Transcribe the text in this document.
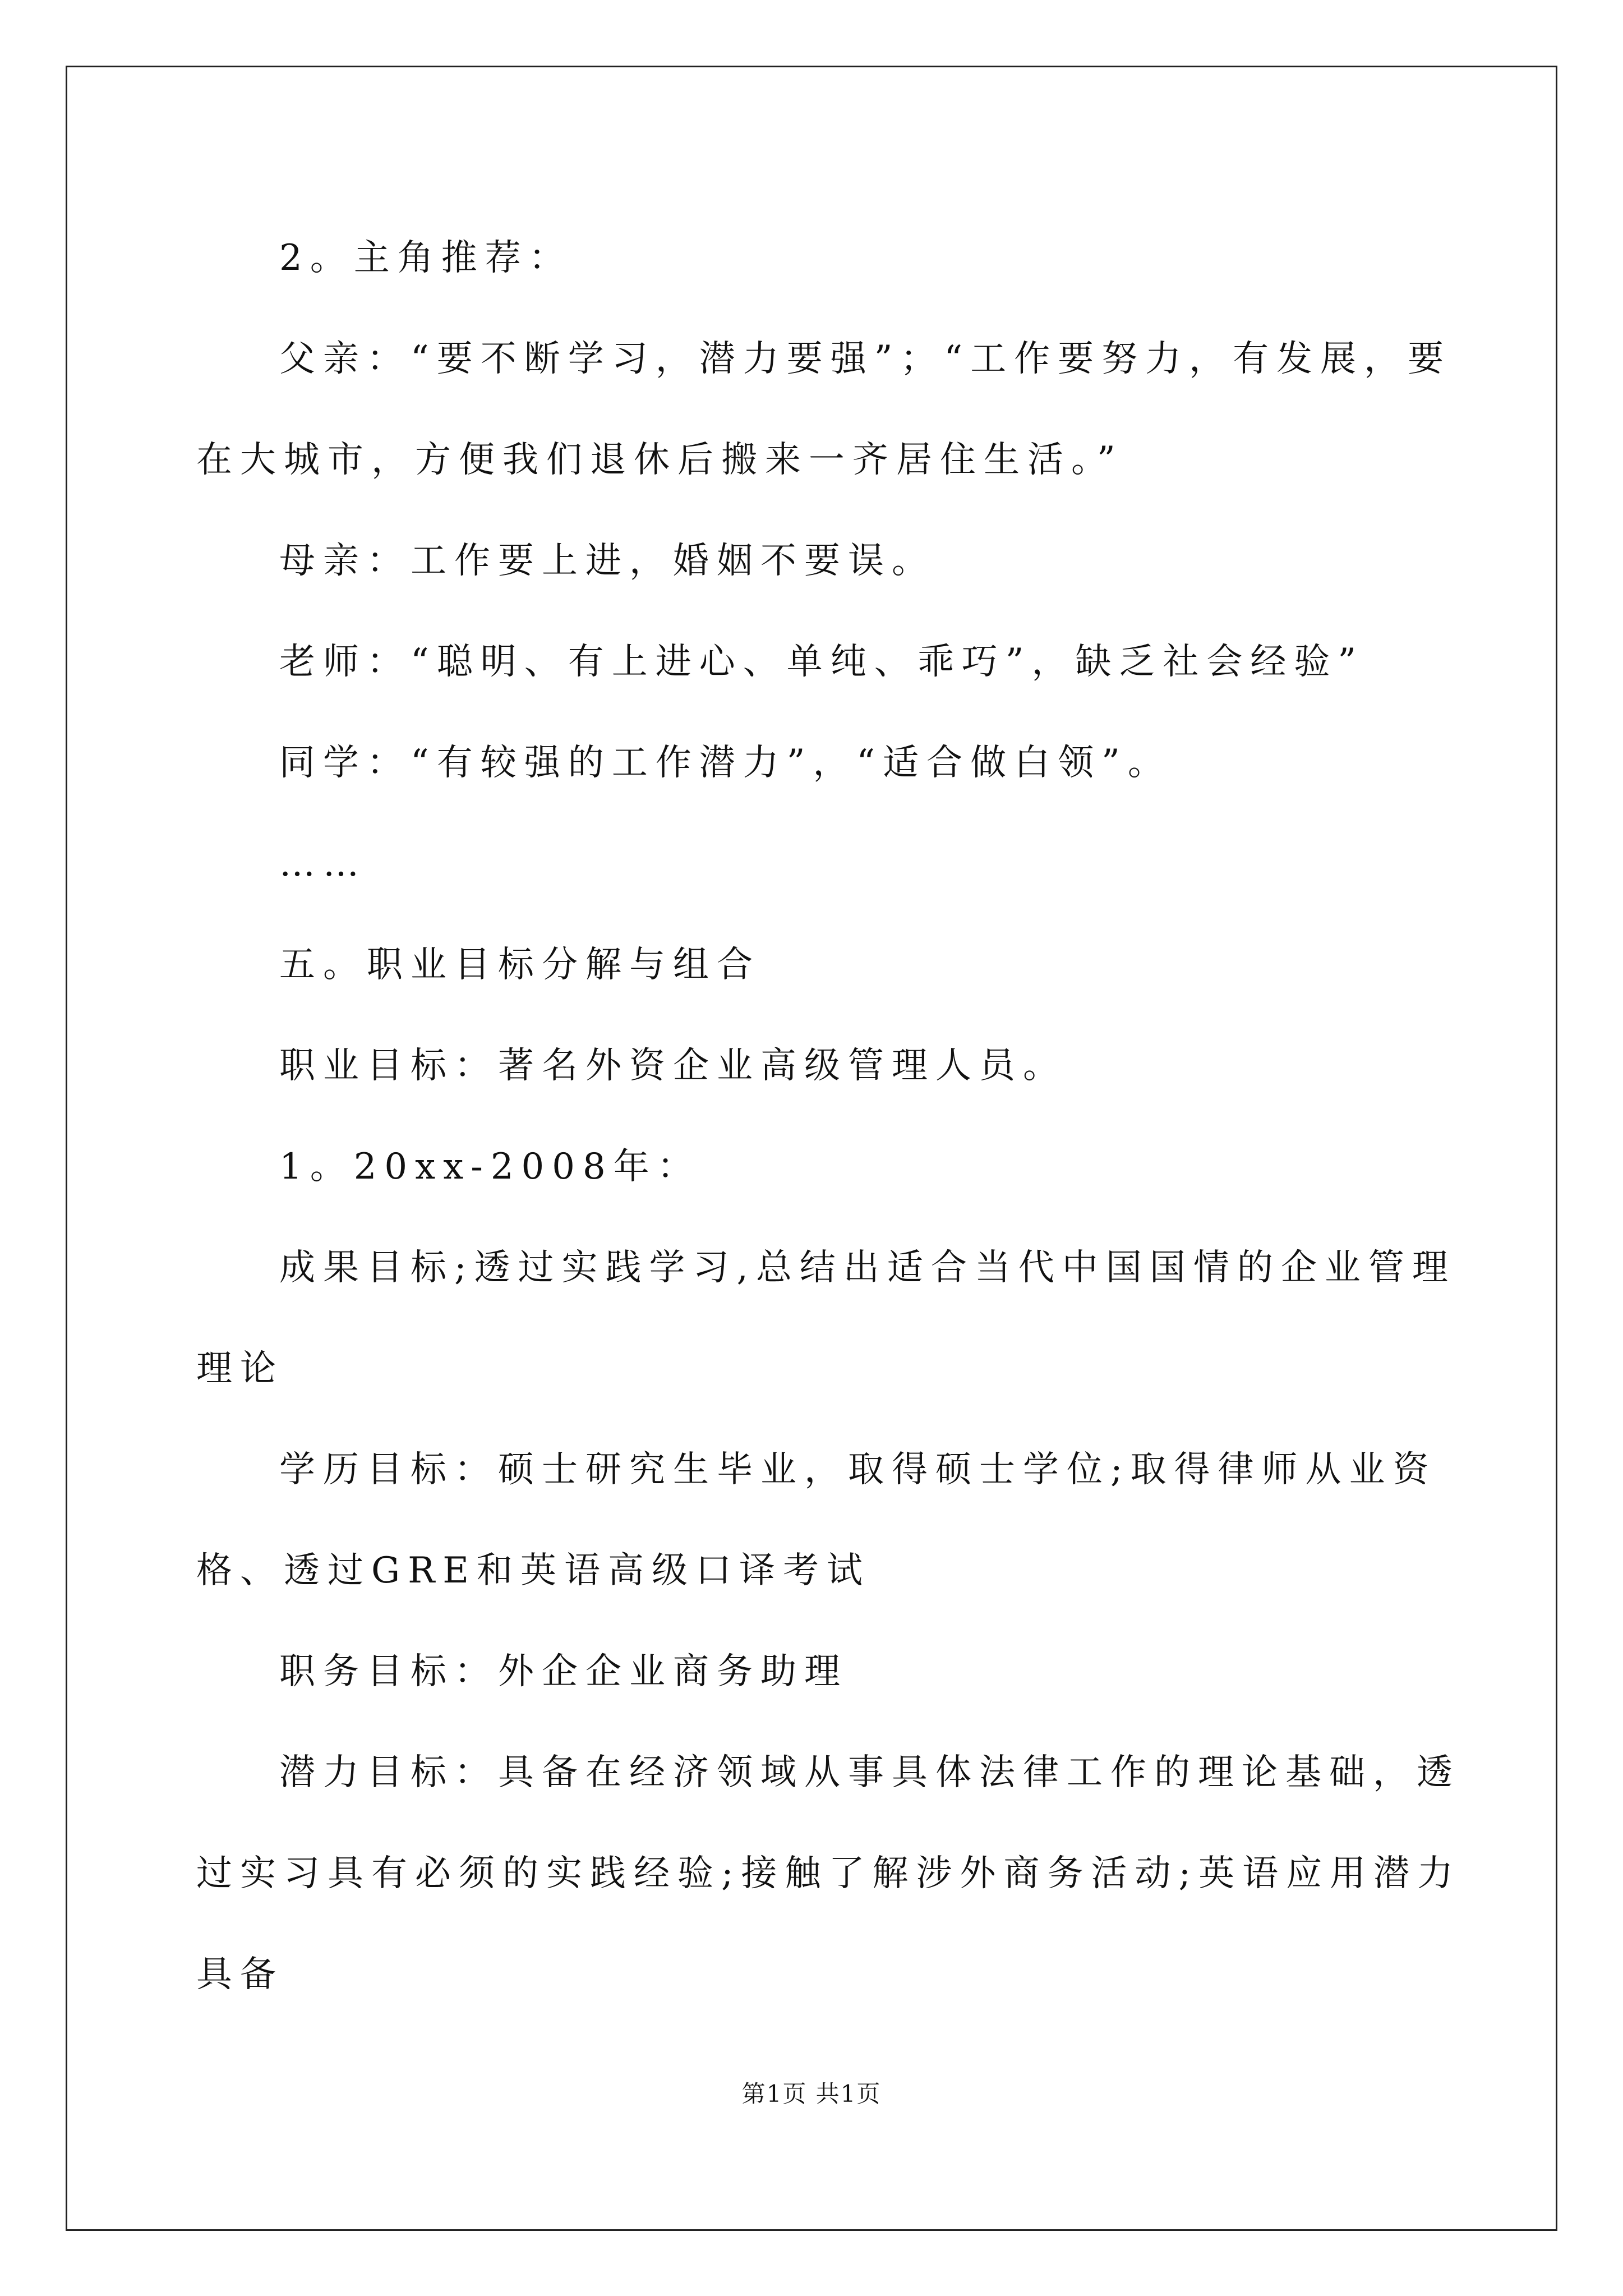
2。主角推荐：

父亲：“要不断学习，潜力要强”；“工作要努力，有发展，要在大城市，方便我们退休后搬来一齐居住生活。”

母亲：工作要上进，婚姻不要误。

老师：“聪明、有上进心、单纯、乖巧”，缺乏社会经验”

同学：“有较强的工作潜力”，“适合做白领”。

……

五。职业目标分解与组合

职业目标：著名外资企业高级管理人员。

1。20xx-2008年：

成果目标;透过实践学习,总结出适合当代中国国情的企业管理理论

学历目标：硕士研究生毕业，取得硕士学位;取得律师从业资格、透过GRE和英语高级口译考试

职务目标：外企企业商务助理

潜力目标：具备在经济领域从事具体法律工作的理论基础，透过实习具有必须的实践经验;接触了解涉外商务活动;英语应用潜力具备

第1页 共1页
